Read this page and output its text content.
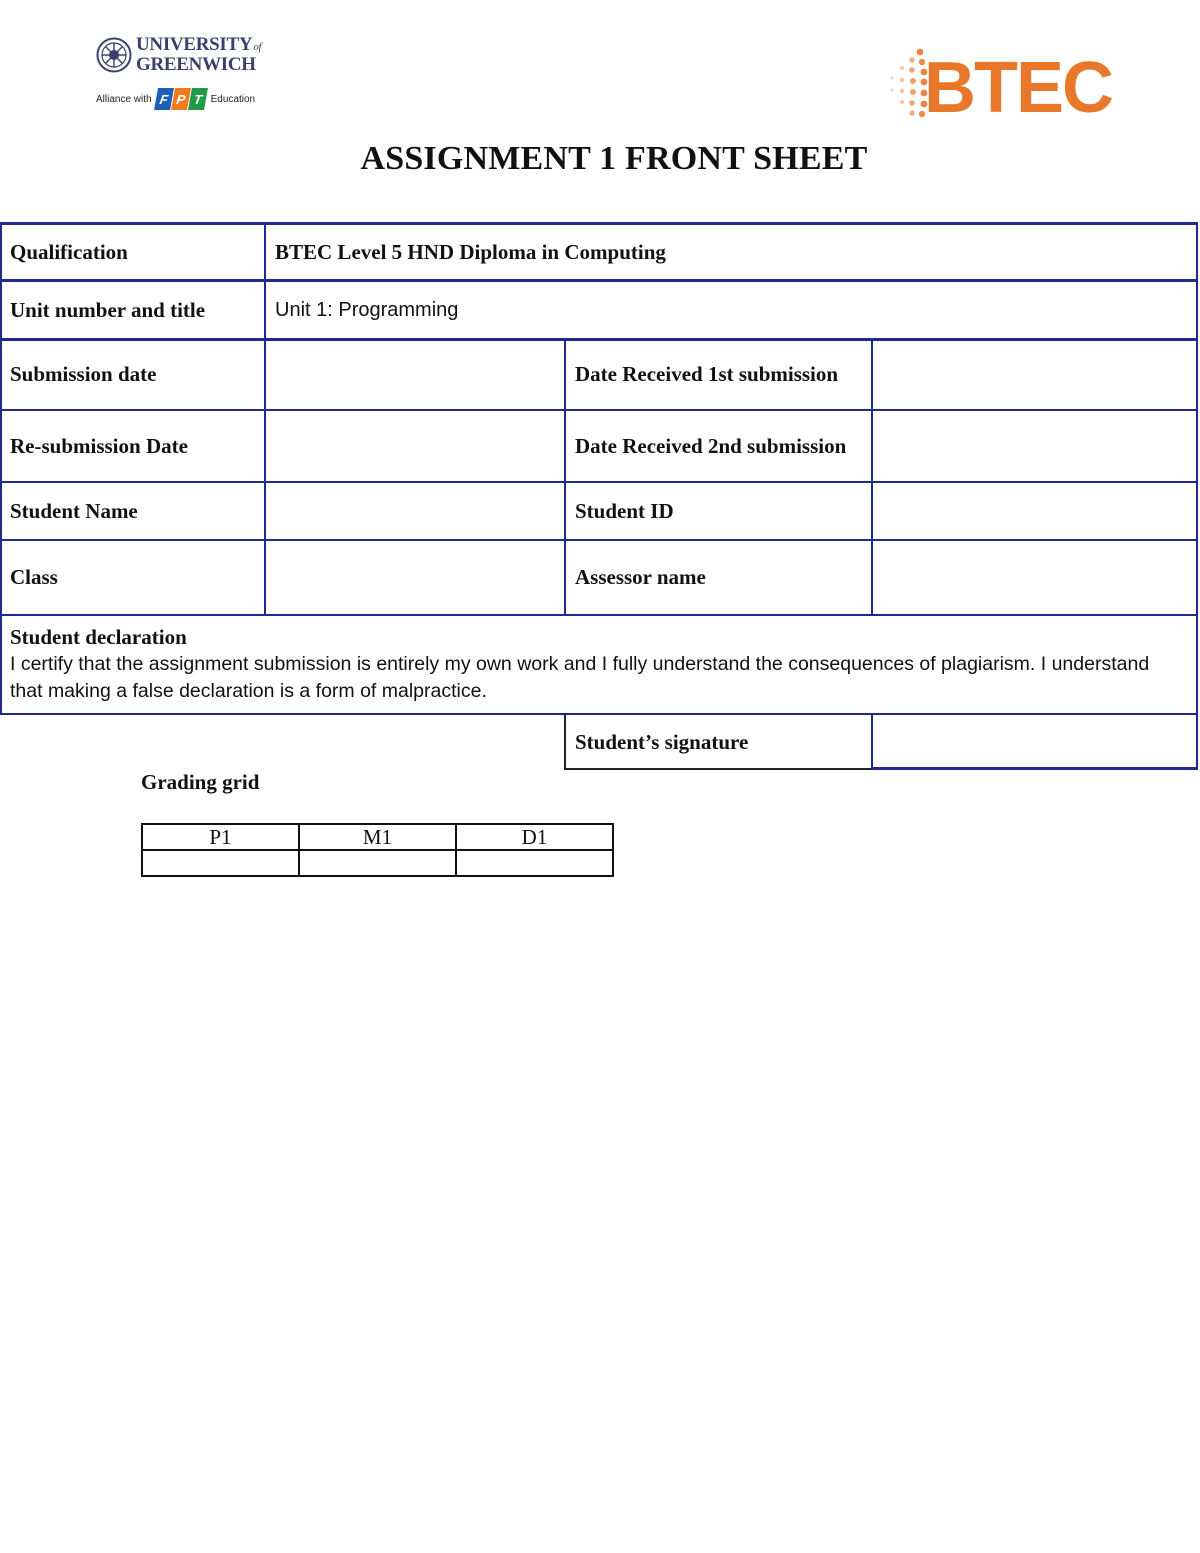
UNIVERSITYof
GREENWICH
Alliance with F P T Education	BTEC
ASSIGNMENT 1 FRONT SHEET
Qualification	BTEC Level 5 HND Diploma in Computing
Unit number and title	Unit 1: Programming
Submission date	Date Received 1st submission
Re-submission Date	Date Received 2nd submission
Student Name	Student ID
Class	Assessor name
Student declaration
I certify that the assignment submission is entirely my own work and I fully understand the consequences of plagiarism. I understand that making a false declaration is a form of malpractice.
Student’s signature
Grading grid
P1	M1	D1
